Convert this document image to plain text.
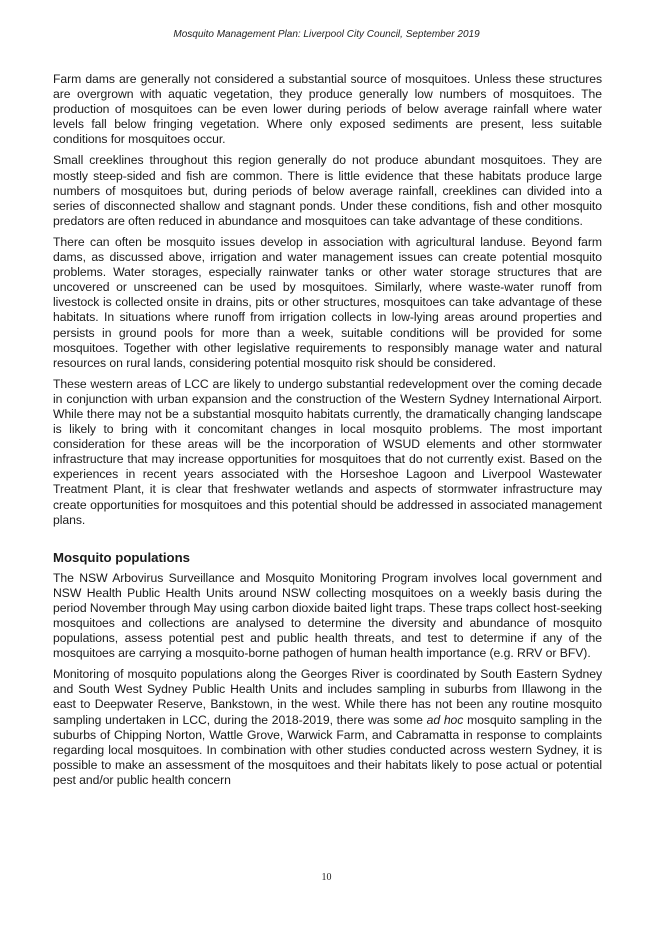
Mosquito Management Plan: Liverpool City Council, September 2019

Farm dams are generally not considered a substantial source of mosquitoes. Unless these structures are overgrown with aquatic vegetation, they produce generally low numbers of mosquitoes. The production of mosquitoes can be even lower during periods of below average rainfall where water levels fall below fringing vegetation. Where only exposed sediments are present, less suitable conditions for mosquitoes occur.

Small creeklines throughout this region generally do not produce abundant mosquitoes. They are mostly steep-sided and fish are common. There is little evidence that these habitats produce large numbers of mosquitoes but, during periods of below average rainfall, creeklines can divided into a series of disconnected shallow and stagnant ponds. Under these conditions, fish and other mosquito predators are often reduced in abundance and mosquitoes can take advantage of these conditions.

There can often be mosquito issues develop in association with agricultural landuse. Beyond farm dams, as discussed above, irrigation and water management issues can create potential mosquito problems. Water storages, especially rainwater tanks or other water storage structures that are uncovered or unscreened can be used by mosquitoes. Similarly, where waste-water runoff from livestock is collected onsite in drains, pits or other structures, mosquitoes can take advantage of these habitats. In situations where runoff from irrigation collects in low-lying areas around properties and persists in ground pools for more than a week, suitable conditions will be provided for some mosquitoes. Together with other legislative requirements to responsibly manage water and natural resources on rural lands, considering potential mosquito risk should be considered.

These western areas of LCC are likely to undergo substantial redevelopment over the coming decade in conjunction with urban expansion and the construction of the Western Sydney International Airport. While there may not be a substantial mosquito habitats currently, the dramatically changing landscape is likely to bring with it concomitant changes in local mosquito problems. The most important consideration for these areas will be the incorporation of WSUD elements and other stormwater infrastructure that may increase opportunities for mosquitoes that do not currently exist. Based on the experiences in recent years associated with the Horseshoe Lagoon and Liverpool Wastewater Treatment Plant, it is clear that freshwater wetlands and aspects of stormwater infrastructure may create opportunities for mosquitoes and this potential should be addressed in associated management plans.

Mosquito populations

The NSW Arbovirus Surveillance and Mosquito Monitoring Program involves local government and NSW Health Public Health Units around NSW collecting mosquitoes on a weekly basis during the period November through May using carbon dioxide baited light traps. These traps collect host-seeking mosquitoes and collections are analysed to determine the diversity and abundance of mosquito populations, assess potential pest and public health threats, and test to determine if any of the mosquitoes are carrying a mosquito-borne pathogen of human health importance (e.g. RRV or BFV).

Monitoring of mosquito populations along the Georges River is coordinated by South Eastern Sydney and South West Sydney Public Health Units and includes sampling in suburbs from Illawong in the east to Deepwater Reserve, Bankstown, in the west. While there has not been any routine mosquito sampling undertaken in LCC, during the 2018-2019, there was some ad hoc mosquito sampling in the suburbs of Chipping Norton, Wattle Grove, Warwick Farm, and Cabramatta in response to complaints regarding local mosquitoes. In combination with other studies conducted across western Sydney, it is possible to make an assessment of the mosquitoes and their habitats likely to pose actual or potential pest and/or public health concern

10
